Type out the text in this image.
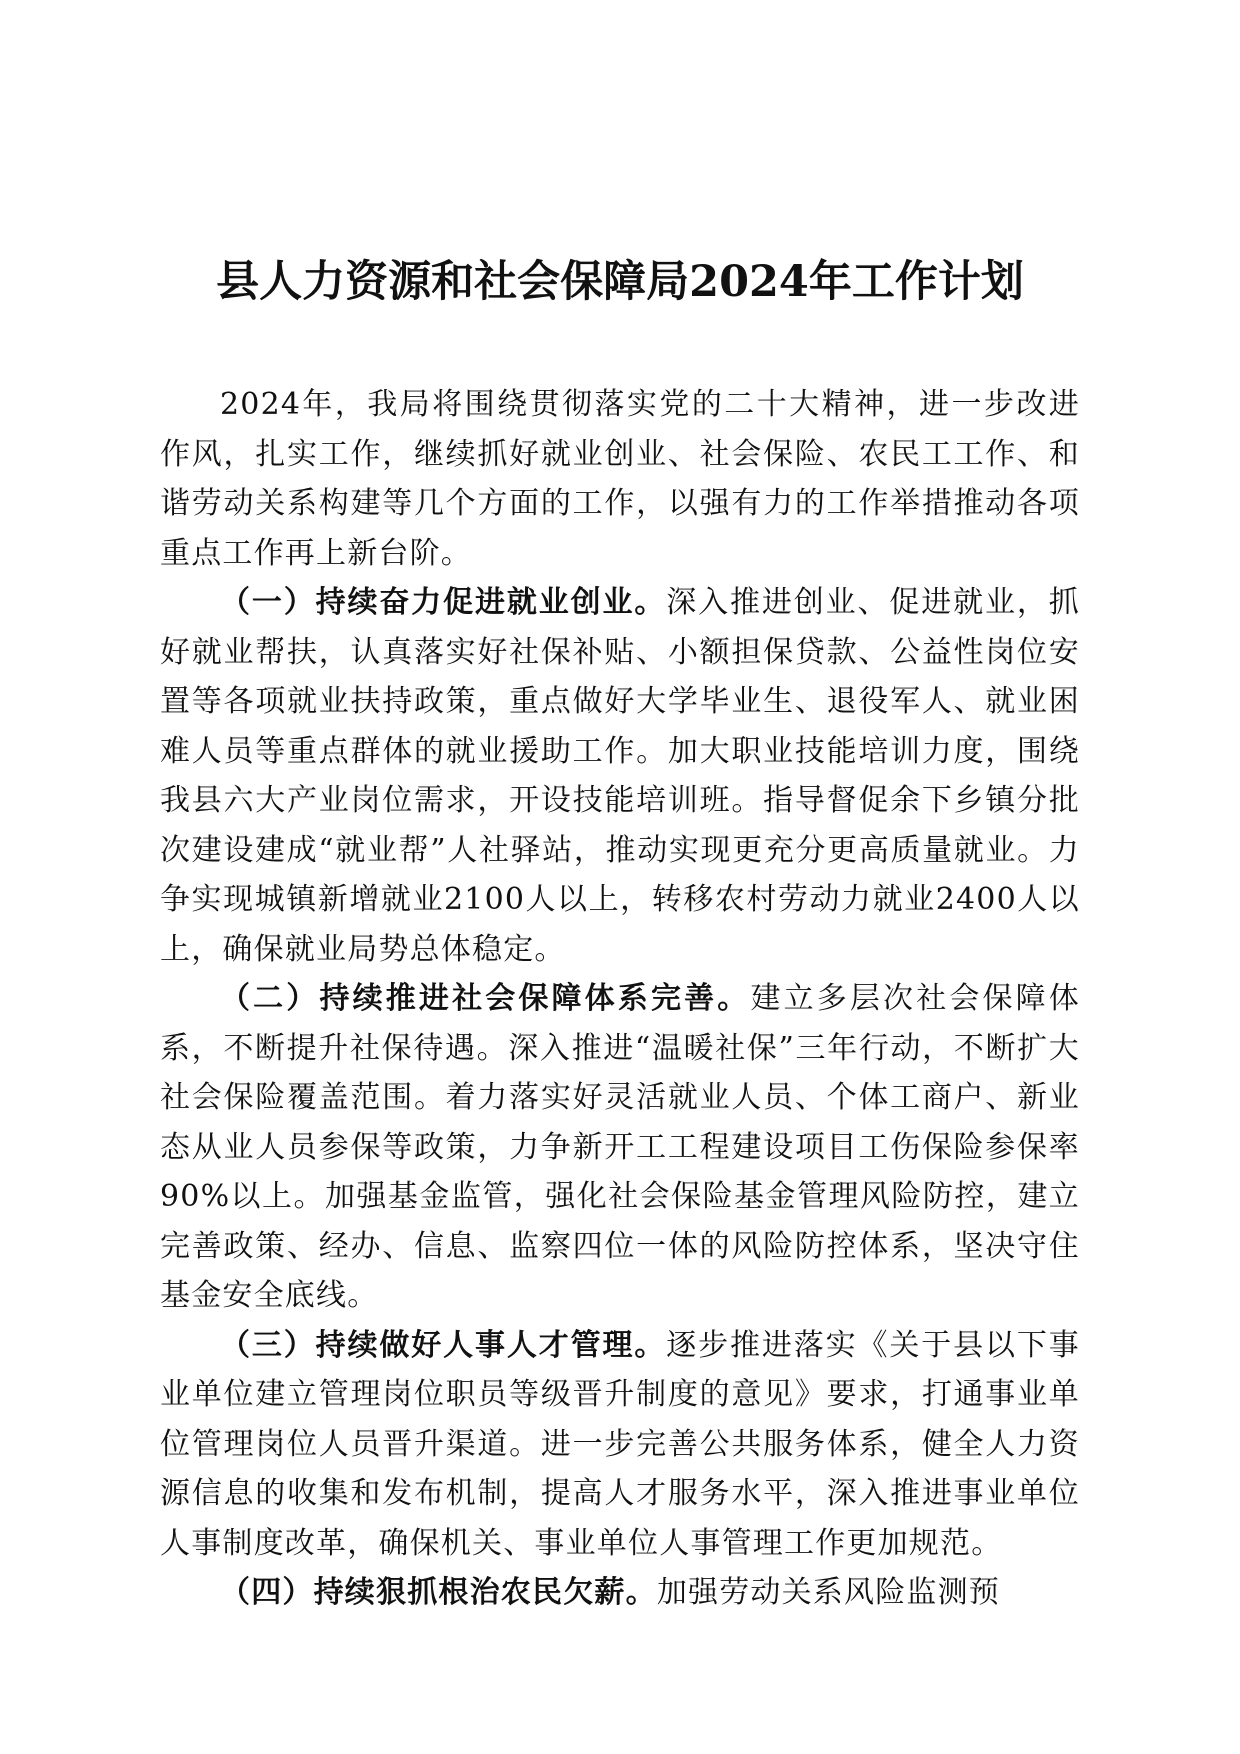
县人力资源和社会保障局2024年工作计划

2024年，我局将围绕贯彻落实党的二十大精神，进一步改进作风，扎实工作，继续抓好就业创业、社会保险、农民工工作、和谐劳动关系构建等几个方面的工作，以强有力的工作举措推动各项重点工作再上新台阶。

（一）持续奋力促进就业创业。深入推进创业、促进就业，抓好就业帮扶，认真落实好社保补贴、小额担保贷款、公益性岗位安置等各项就业扶持政策，重点做好大学毕业生、退役军人、就业困难人员等重点群体的就业援助工作。加大职业技能培训力度，围绕我县六大产业岗位需求，开设技能培训班。指导督促余下乡镇分批次建设建成“就业帮”人社驿站，推动实现更充分更高质量就业。力争实现城镇新增就业2100人以上，转移农村劳动力就业2400人以上，确保就业局势总体稳定。

（二）持续推进社会保障体系完善。建立多层次社会保障体系，不断提升社保待遇。深入推进“温暖社保”三年行动，不断扩大社会保险覆盖范围。着力落实好灵活就业人员、个体工商户、新业态从业人员参保等政策，力争新开工工程建设项目工伤保险参保率90%以上。加强基金监管，强化社会保险基金管理风险防控，建立完善政策、经办、信息、监察四位一体的风险防控体系，坚决守住基金安全底线。

（三）持续做好人事人才管理。逐步推进落实《关于县以下事业单位建立管理岗位职员等级晋升制度的意见》要求，打通事业单位管理岗位人员晋升渠道。进一步完善公共服务体系，健全人力资源信息的收集和发布机制，提高人才服务水平，深入推进事业单位人事制度改革，确保机关、事业单位人事管理工作更加规范。

（四）持续狠抓根治农民欠薪。加强劳动关系风险监测预
